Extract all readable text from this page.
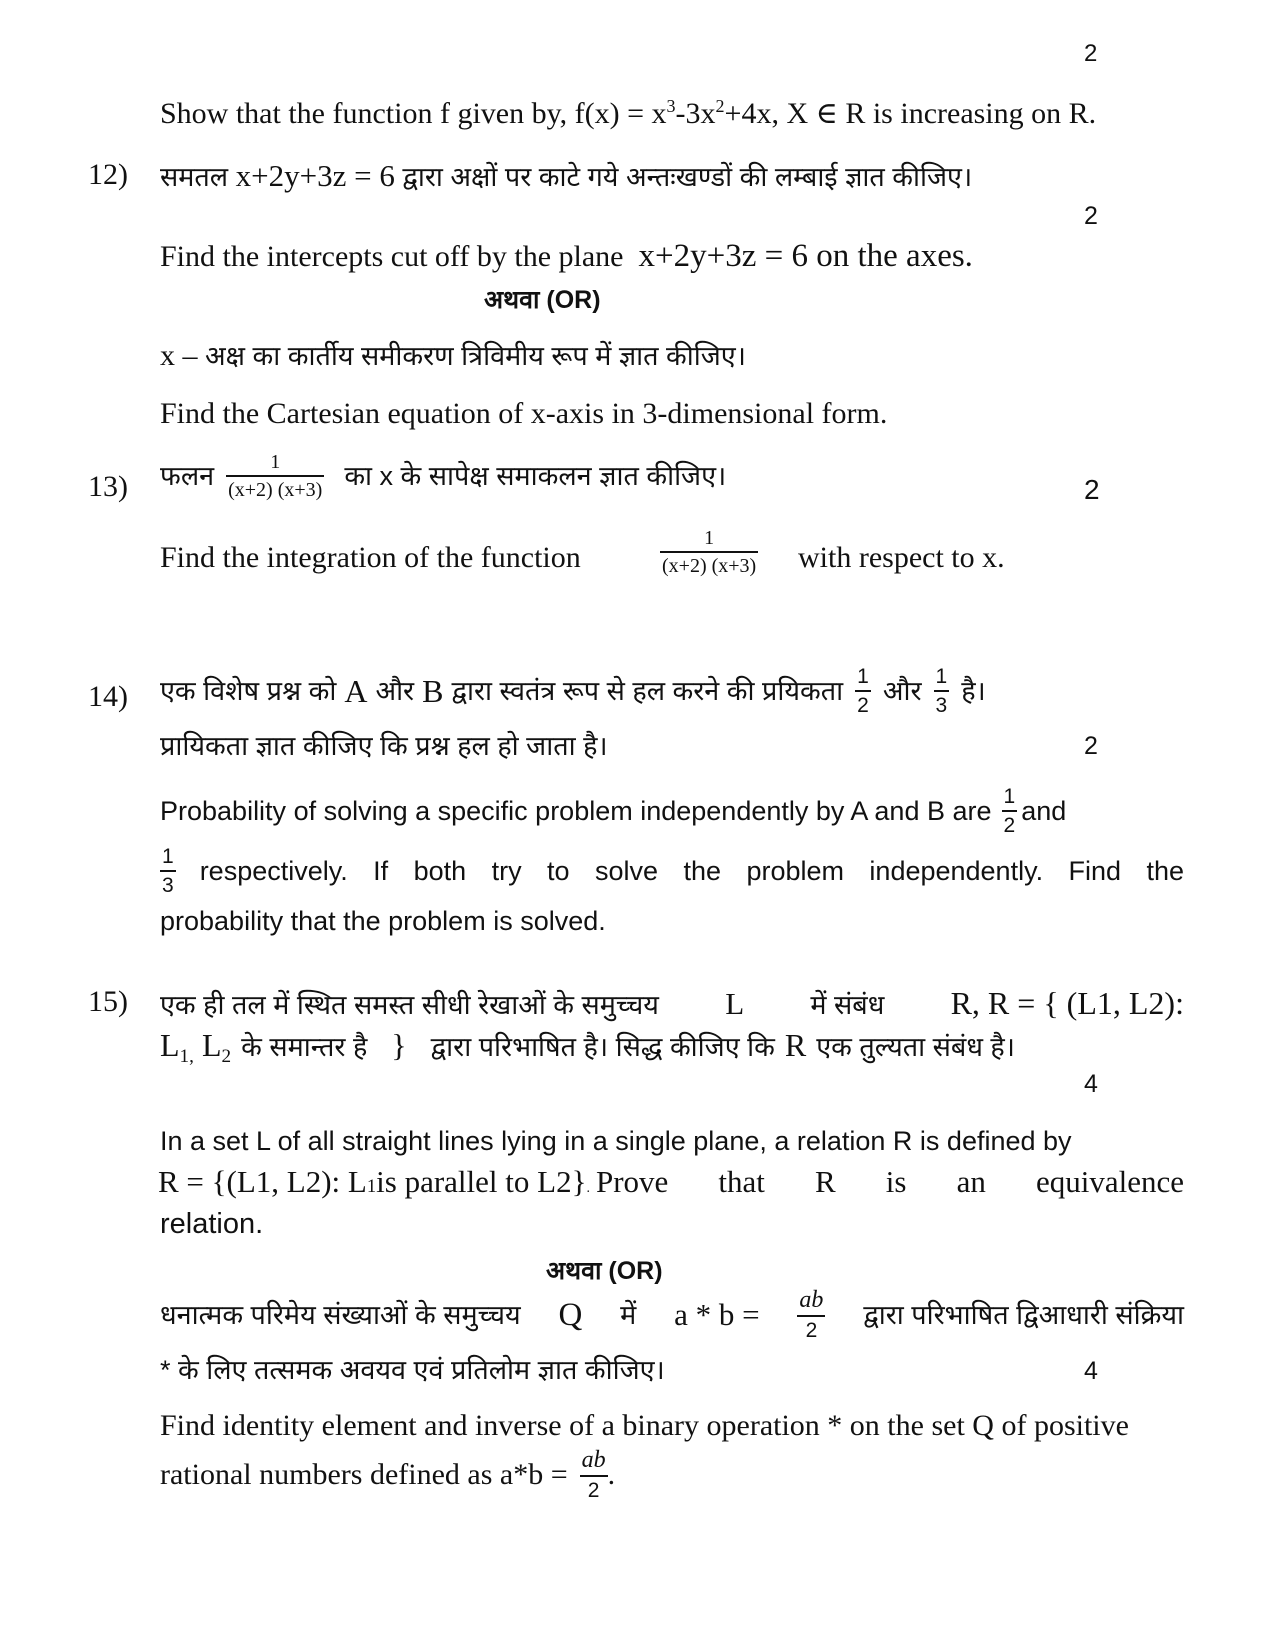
2
Show that the function f given by, $f(x) = x^3-3x^2+4x$, X ∈ R is increasing on R.
12) समतल x+2y+3z = 6 द्वारा अक्षों पर काटे गये अन्तःखण्डों की लम्बाई ज्ञात कीजिए।
2
Find the intercepts cut off by the plane x+2y+3z = 6 on the axes.
अथवा (OR)
x – अक्ष का कार्तीय समीकरण त्रिविमीय रूप में ज्ञात कीजिए।
Find the Cartesian equation of x-axis in 3-dimensional form.
13) फलन $\frac{1}{(x+2) (x+3)}$ का x
के सापेक्ष समाकलन ज्ञात कीजिए।	2
Find the integration of the function	$\frac{1}{(x+2) (x+3)}$ with respect to x.
14) एक विशेष प्रश्न को A और B द्वारा स्वतंत्र रूप से हल करने की प्रयिकता $\frac{1}{2}$ और $\frac{1}{3}$ है।
प्रायिकता ज्ञात कीजिए कि प्रश्न हल हो जाता है।	2
Probability of solving a specific problem independently by A and B are $\frac{1}{2}$ and
$\frac{1}{3}$ respectively. If both try to solve the problem independently. Find the
probability that the problem is solved.
15) एक ही तल में स्थित समस्त सीधी रेखाओं के समुच्चय L में संबंध R, R = { (L1, L2):
$L_{1,}$ $L_2$ के समान्तर है } द्वारा परिभाषित है। सिद्ध कीजिए कि R एक तुल्यता संबंध है।
4
In a set L of all straight lines lying in a single plane, a relation R is defined by
R = {(L1, L2): L 1 is parallel to L2} . Prove that R is an equivalence
relation.
अथवा (OR)
धनात्मक परिमेय संख्याओं के समुच्चय Q में $a * b = \frac{ab}{2}$ द्वारा परिभाषित द्विआधारी संक्रिया
* के लिए तत्समक अवयव एवं प्रतिलोम ज्ञात कीजिए।	4
Find identity element and inverse of a binary operation * on the set Q of positive
rational numbers defined as $a*b = \frac{ab}{2}$ .
